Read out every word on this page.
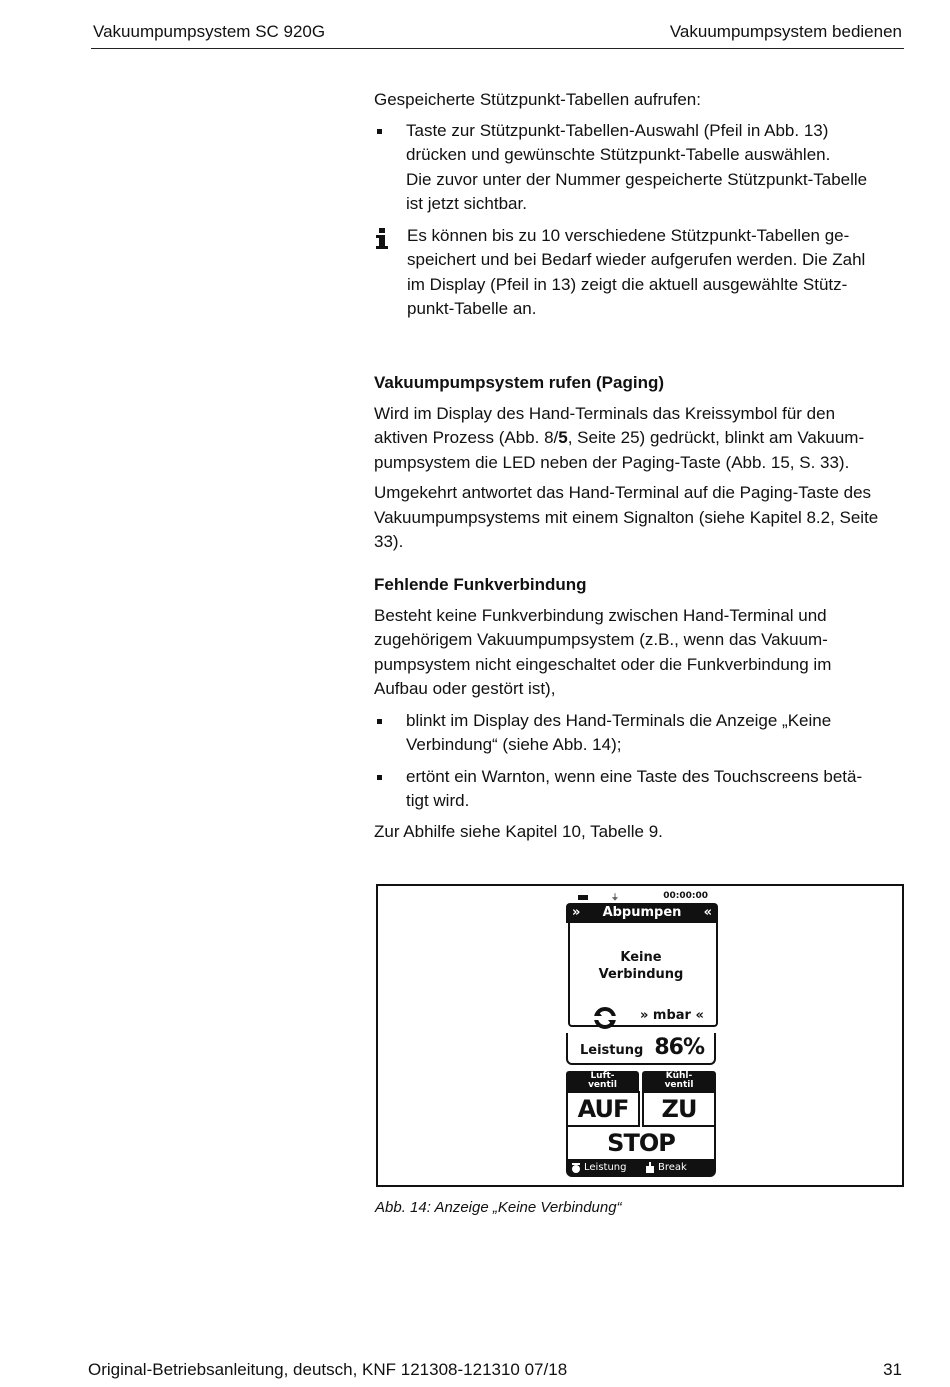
Vakuumpumpsystem SC 920G	Vakuumpumpsystem bedienen

Gespeicherte Stützpunkt-Tabellen aufrufen:

Taste zur Stützpunkt-Tabellen-Auswahl (Pfeil in Abb. 13)
drücken und gewünschte Stützpunkt-Tabelle auswählen.
Die zuvor unter der Nummer gespeicherte Stützpunkt-Tabelle
ist jetzt sichtbar.
Es können bis zu 10 verschiedene Stützpunkt-Tabellen ge-
speichert und bei Bedarf wieder aufgerufen werden. Die Zahl
im Display (Pfeil in 13) zeigt die aktuell ausgewählte Stütz-
punkt-Tabelle an.

Vakuumpumpsystem rufen (Paging)

Wird im Display des Hand-Terminals das Kreissymbol für den
aktiven Prozess (Abb. 8/5, Seite 25) gedrückt, blinkt am Vakuum-
pumpsystem die LED neben der Paging-Taste (Abb. 15, S. 33).
Umgekehrt antwortet das Hand-Terminal auf die Paging-Taste des
Vakuumpumpsystems mit einem Signalton (siehe Kapitel 8.2, Seite
33).

Fehlende Funkverbindung

Besteht keine Funkverbindung zwischen Hand-Terminal und
zugehörigem Vakuumpumpsystem (z.B., wenn das Vakuum-
pumpsystem nicht eingeschaltet oder die Funkverbindung im
Aufbau oder gestört ist),
blinkt im Display des Hand-Terminals die Anzeige „Keine
Verbindung“ (siehe Abb. 14);
ertönt ein Warnton, wenn eine Taste des Touchscreens betä-
tigt wird.

Zur Abhilfe siehe Kapitel 10, Tabelle 9.

⏚	00:00:00
» Abpumpen «
Keine
Verbindung
» mbar «
Leistung 86%
Luft-
ventil
Kühl-
ventil
AUF	ZU
STOP
Leistung	Break
Abb. 14: Anzeige „Keine Verbindung“
Original-Betriebsanleitung, deutsch, KNF 121308-121310 07/18	31
